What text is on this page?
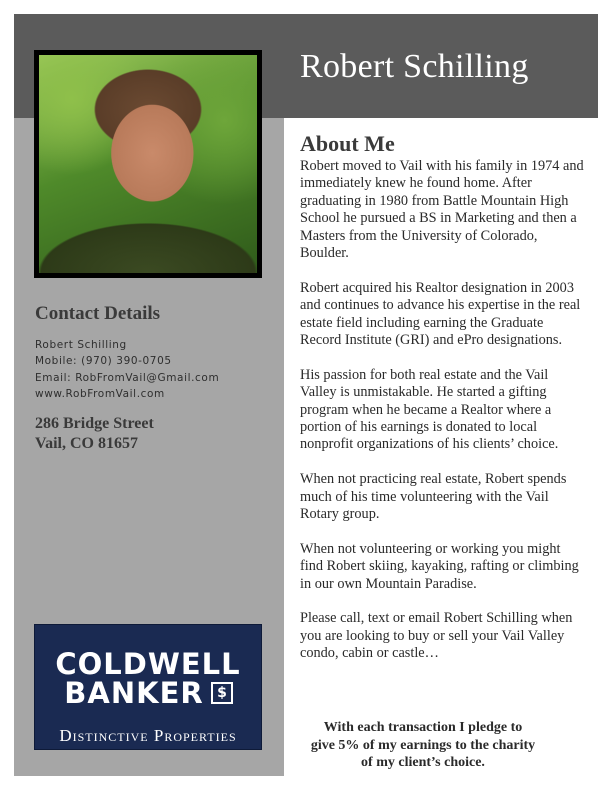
Robert Schilling
Contact Details
Robert Schilling
Mobile: (970) 390-0705
Email: RobFromVail@Gmail.com
www.RobFromVail.com
286 Bridge Street
Vail, CO 81657
COLDWELL
BANKER $
Distinctive Properties
About Me

Robert moved to Vail with his family in 1974 and immediately knew he found home. After graduating in 1980 from Battle Mountain High School he pursued a BS in Marketing and then a Masters from the University of Colorado, Boulder.

Robert acquired his Realtor designation in 2003 and continues to advance his expertise in the real estate field including earning the Graduate Record Institute (GRI) and ePro designations.

His passion for both real estate and the Vail Valley is unmistakable. He started a gifting program when he became a Realtor where a portion of his earnings is donated to local nonprofit organizations of his clients’ choice.

When not practicing real estate, Robert spends much of his time volunteering with the Vail Rotary group.

When not volunteering or working you might find Robert skiing, kayaking, rafting or climbing in our own Mountain Paradise.

Please call, text or email Robert Schilling when you are looking to buy or sell your Vail Valley condo, cabin or castle…

With each transaction I pledge to
give 5% of my earnings to the charity
of my client’s choice.
